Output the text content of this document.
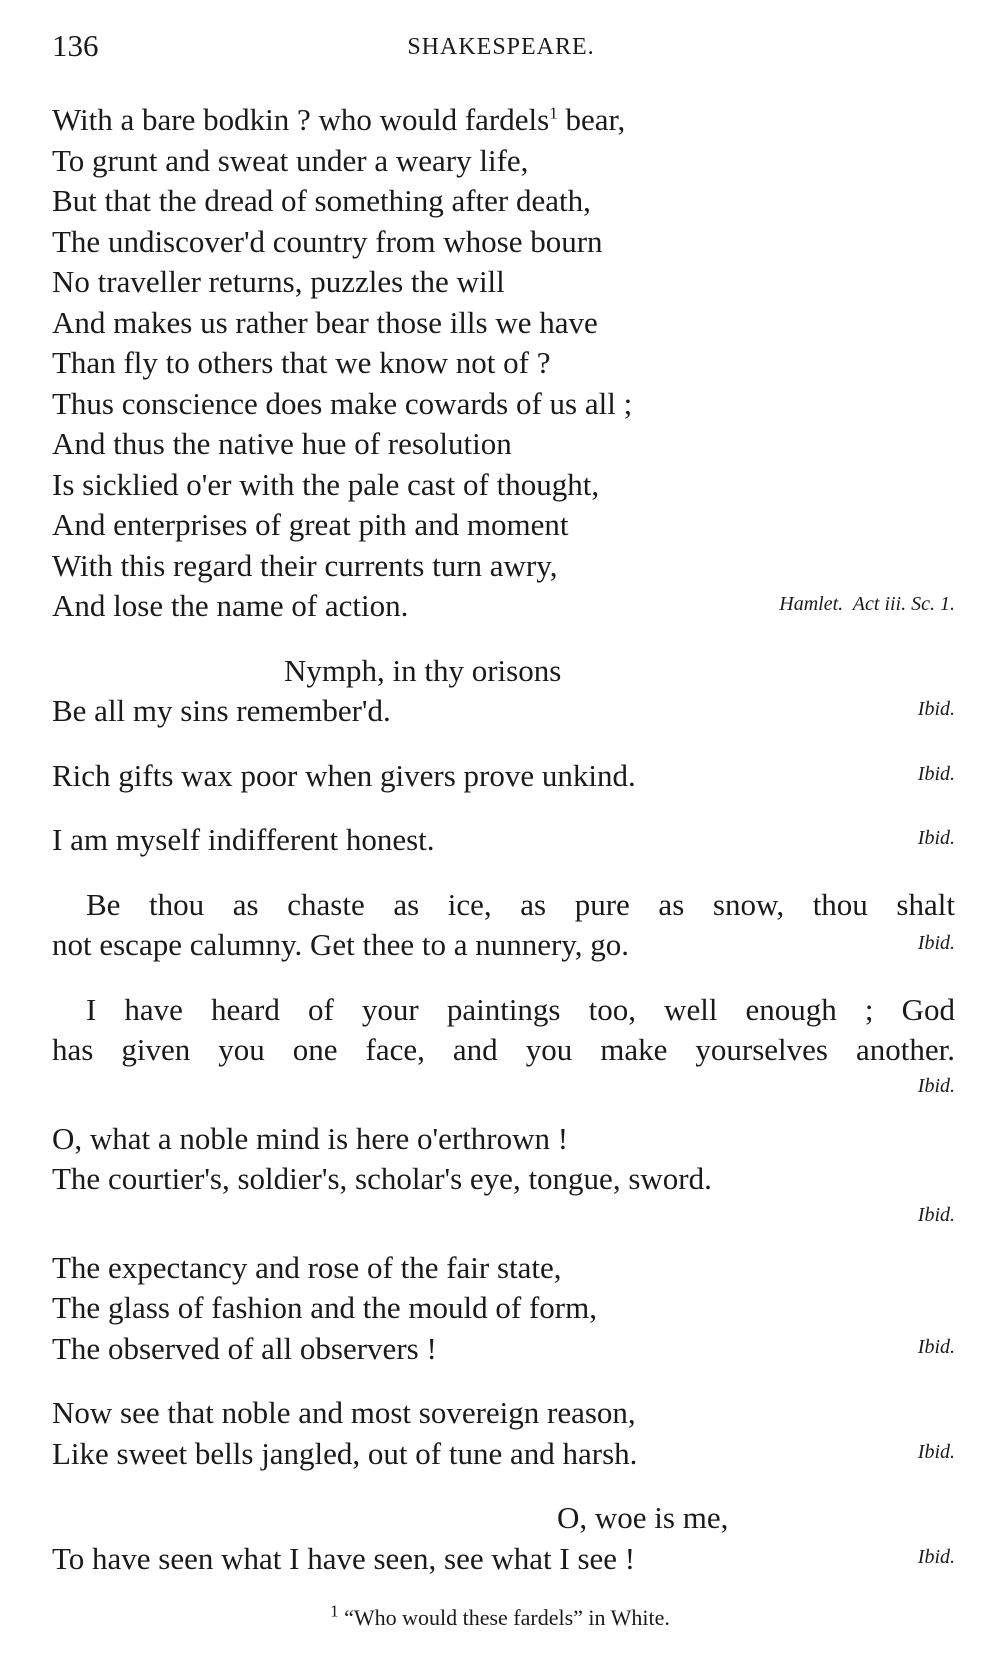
136	SHAKESPEARE.
With a bare bodkin ? who would fardels$^1$ bear,
To grunt and sweat under a weary life,
But that the dread of something after death,
The undiscover'd country from whose bourn
No traveller returns, puzzles the will
And makes us rather bear those ills we have
Than fly to others that we know not of ?
Thus conscience does make cowards of us all ;
And thus the native hue of resolution
Is sicklied o'er with the pale cast of thought,
And enterprises of great pith and moment
With this regard their currents turn awry,
And lose the name of action.	Hamlet.  Act iii. Sc. 1.
Nymph, in thy orisons
Be all my sins remember'd.	Ibid.
Rich gifts wax poor when givers prove unkind.	Ibid.
I am myself indifferent honest.	Ibid.
Be thou as chaste as ice, as pure as snow, thou shalt
not escape calumny. Get thee to a nunnery, go.	Ibid.
I have heard of your paintings too, well enough ; God
has given you one face, and you make yourselves another.
Ibid.
O, what a noble mind is here o'erthrown !
The courtier's, soldier's, scholar's eye, tongue, sword.
Ibid.
The expectancy and rose of the fair state,
The glass of fashion and the mould of form,
The observed of all observers !	Ibid.
Now see that noble and most sovereign reason,
Like sweet bells jangled, out of tune and harsh.	Ibid.
O, woe is me,
To have seen what I have seen, see what I see !	Ibid.
$^1$ “Who would these fardels” in White.
